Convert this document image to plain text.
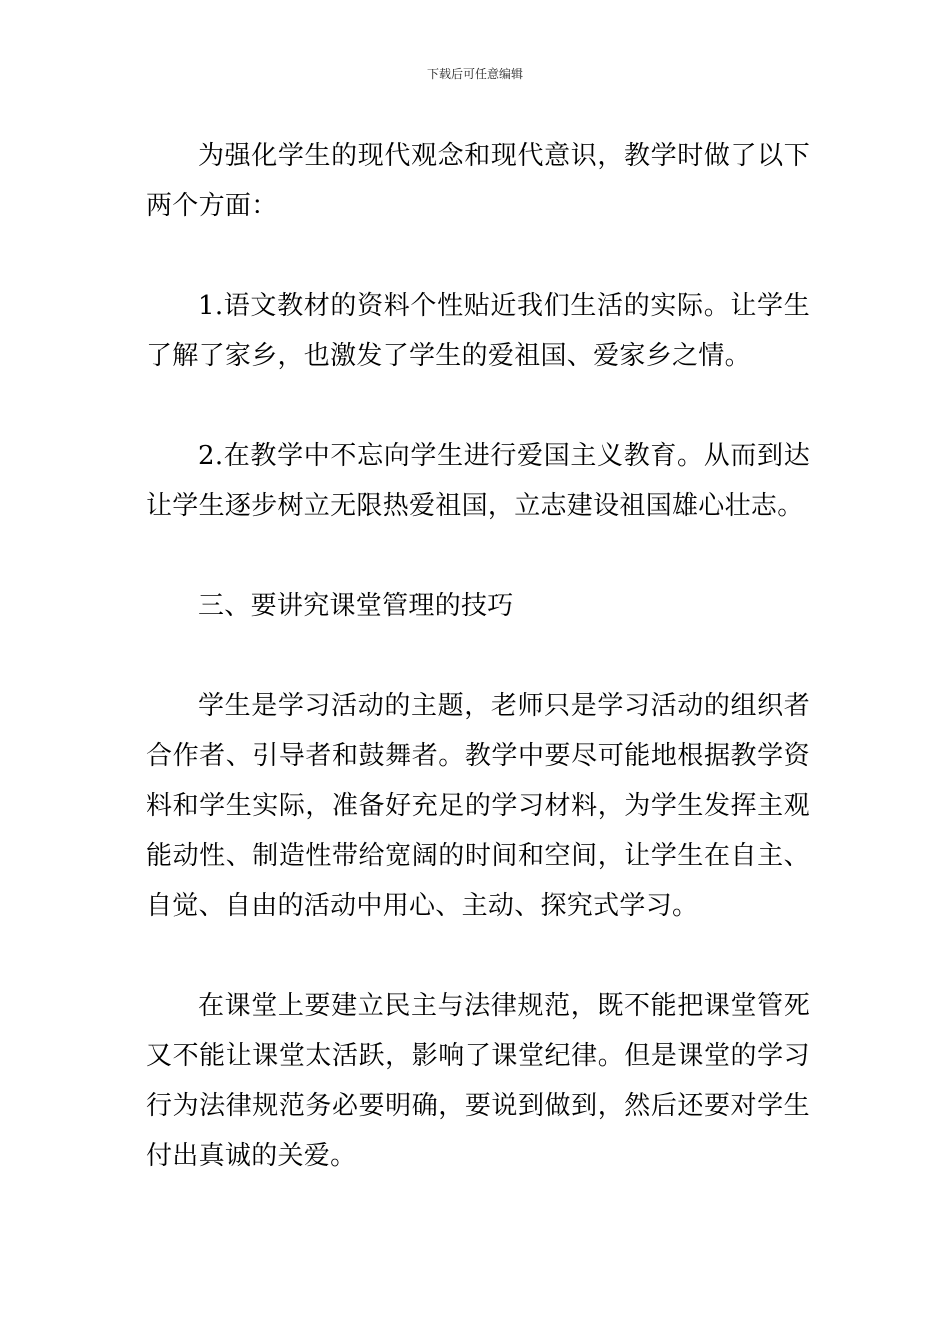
下载后可任意编辑

为强化学生的现代观念和现代意识，教学时做了以下两个方面：

1.语文教材的资料个性贴近我们生活的实际。让学生了解了家乡，也激发了学生的爱祖国、爱家乡之情。

2.在教学中不忘向学生进行爱国主义教育。从而到达让学生逐步树立无限热爱祖国，立志建设祖国雄心壮志。

三、要讲究课堂管理的技巧

学生是学习活动的主题，老师只是学习活动的组织者合作者、引导者和鼓舞者。教学中要尽可能地根据教学资料和学生实际，准备好充足的学习材料，为学生发挥主观能动性、制造性带给宽阔的时间和空间，让学生在自主、自觉、自由的活动中用心、主动、探究式学习。

在课堂上要建立民主与法律规范，既不能把课堂管死又不能让课堂太活跃，影响了课堂纪律。但是课堂的学习行为法律规范务必要明确，要说到做到，然后还要对学生付出真诚的关爱。
